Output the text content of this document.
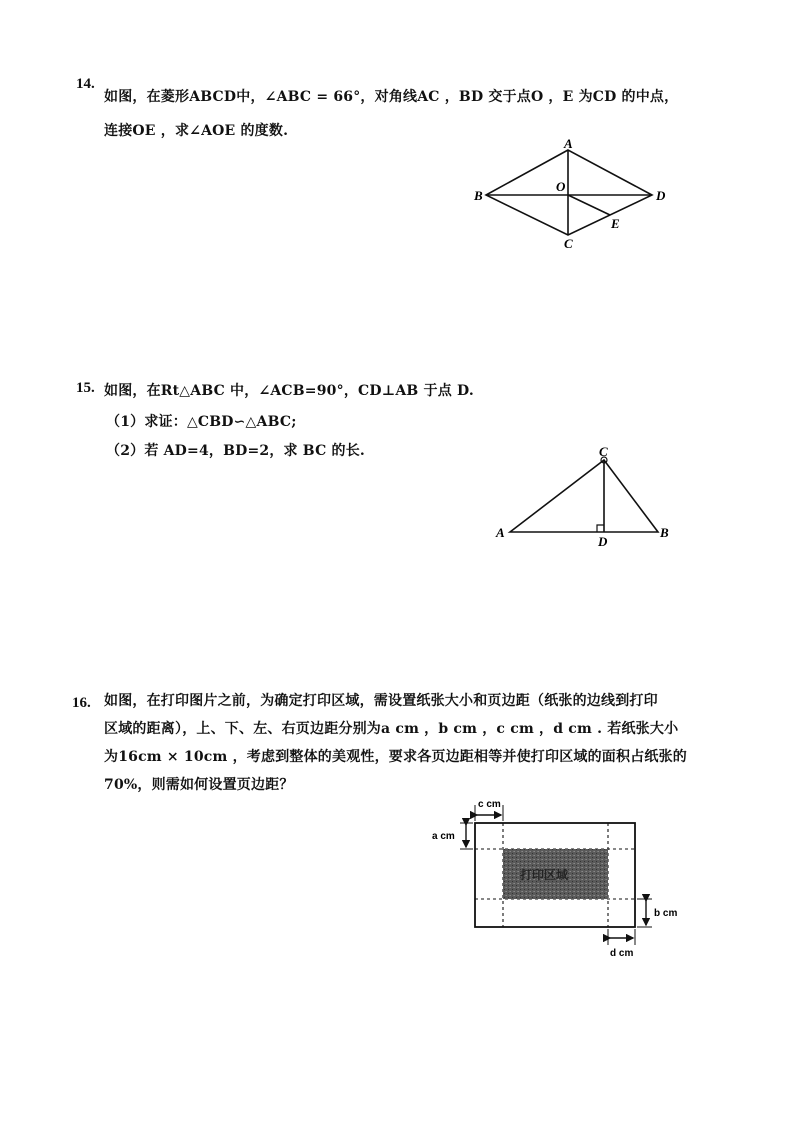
14.
如图，在菱形ABCD中，∠ABC = 66°，对角线AC ，BD 交于点O ，E 为CD 的中点，
连接OE ，求∠AOE 的度数.
A
B
C
D
O
E
15. 如图，在Rt△ABC 中，∠ACB=90°，CD⊥AB 于点 D.
（1）求证：△CBD∽△ABC;
（2）若 AD=4，BD=2，求 BC 的长.
A
C
D
B
16. 如图，在打印图片之前，为确定打印区域，需设置纸张大小和页边距（纸张的边线到打印
区域的距离），上、下、左、右页边距分别为a cm ，b cm ，c cm ，d cm . 若纸张大小
为16cm × 10cm ，考虑到整体的美观性，要求各页边距相等并使打印区域的面积占纸张的
70%，则需如何设置页边距？
打印区域
c cm
a cm
b cm
d cm
